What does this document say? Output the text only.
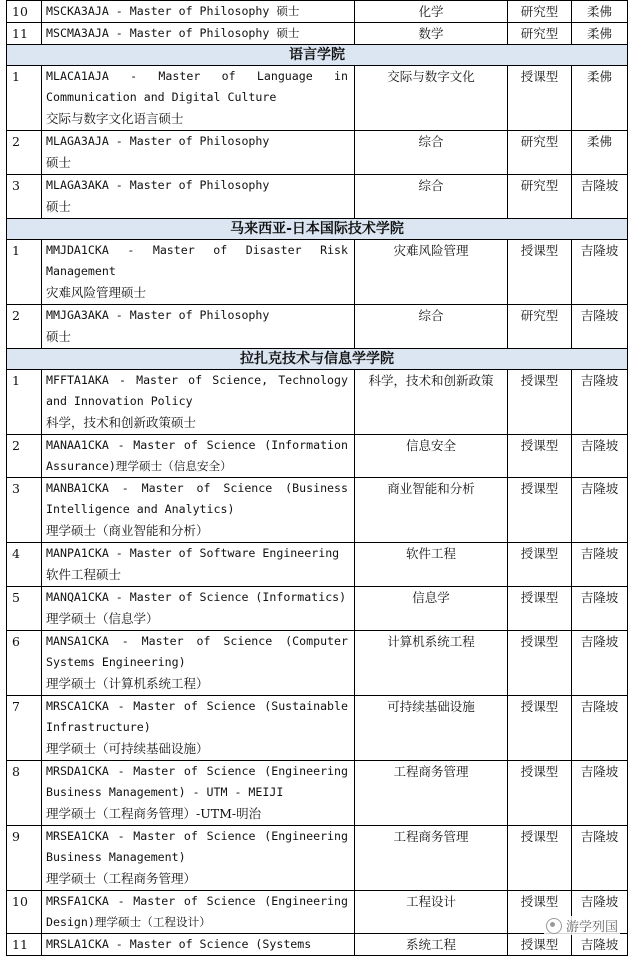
10	MSCKA3AJA - Master of Philosophy 硕士	化学	研究型	柔佛
11	MSCMA3AJA - Master of Philosophy 硕士	数学	研究型	柔佛
语言学院				
1	MLACA1AJA - Master of Language in Communication and Digital Culture
交际与数字文化语言硕士	交际与数字文化	授课型	柔佛
2	MLAGA3AJA - Master of Philosophy
硕士	综合	研究型	柔佛
3	MLAGA3AKA - Master of Philosophy
硕士	综合	研究型	吉隆坡
马来西亚-日本国际技术学院				
1	MMJDA1CKA - Master of Disaster Risk Management
灾难风险管理硕士	灾难风险管理	授课型	吉隆坡
2	MMJGA3AKA - Master of Philosophy
硕士	综合	研究型	吉隆坡
拉扎克技术与信息学学院				
1	MFFTA1AKA - Master of Science, Technology and Innovation Policy
科学，技术和创新政策硕士	科学，技术和创新政策	授课型	吉隆坡
2	MANAA1CKA - Master of Science (Information Assurance)理学硕士（信息安全）	信息安全	授课型	吉隆坡
3	MANBA1CKA - Master of Science (Business Intelligence and Analytics)
理学硕士（商业智能和分析）	商业智能和分析	授课型	吉隆坡
4	MANPA1CKA - Master of Software Engineering
软件工程硕士	软件工程	授课型	吉隆坡
5	MANQA1CKA - Master of Science (Informatics)
理学硕士（信息学）	信息学	授课型	吉隆坡
6	MANSA1CKA - Master of Science (Computer Systems Engineering)
理学硕士（计算机系统工程）	计算机系统工程	授课型	吉隆坡
7	MRSCA1CKA - Master of Science (Sustainable Infrastructure)
理学硕士（可持续基础设施）	可持续基础设施	授课型	吉隆坡
8	MRSDA1CKA - Master of Science (Engineering Business Management) - UTM - MEIJI
理学硕士（工程商务管理）-UTM-明治	工程商务管理	授课型	吉隆坡
9	MRSEA1CKA - Master of Science (Engineering Business Management)
理学硕士（工程商务管理）	工程商务管理	授课型	吉隆坡
10	MRSFA1CKA - Master of Science (Engineering Design)理学硕士（工程设计）	工程设计	授课型	吉隆坡
11	MRSLA1CKA - Master of Science (Systems	系统工程	授课型	吉隆坡
游学列国
